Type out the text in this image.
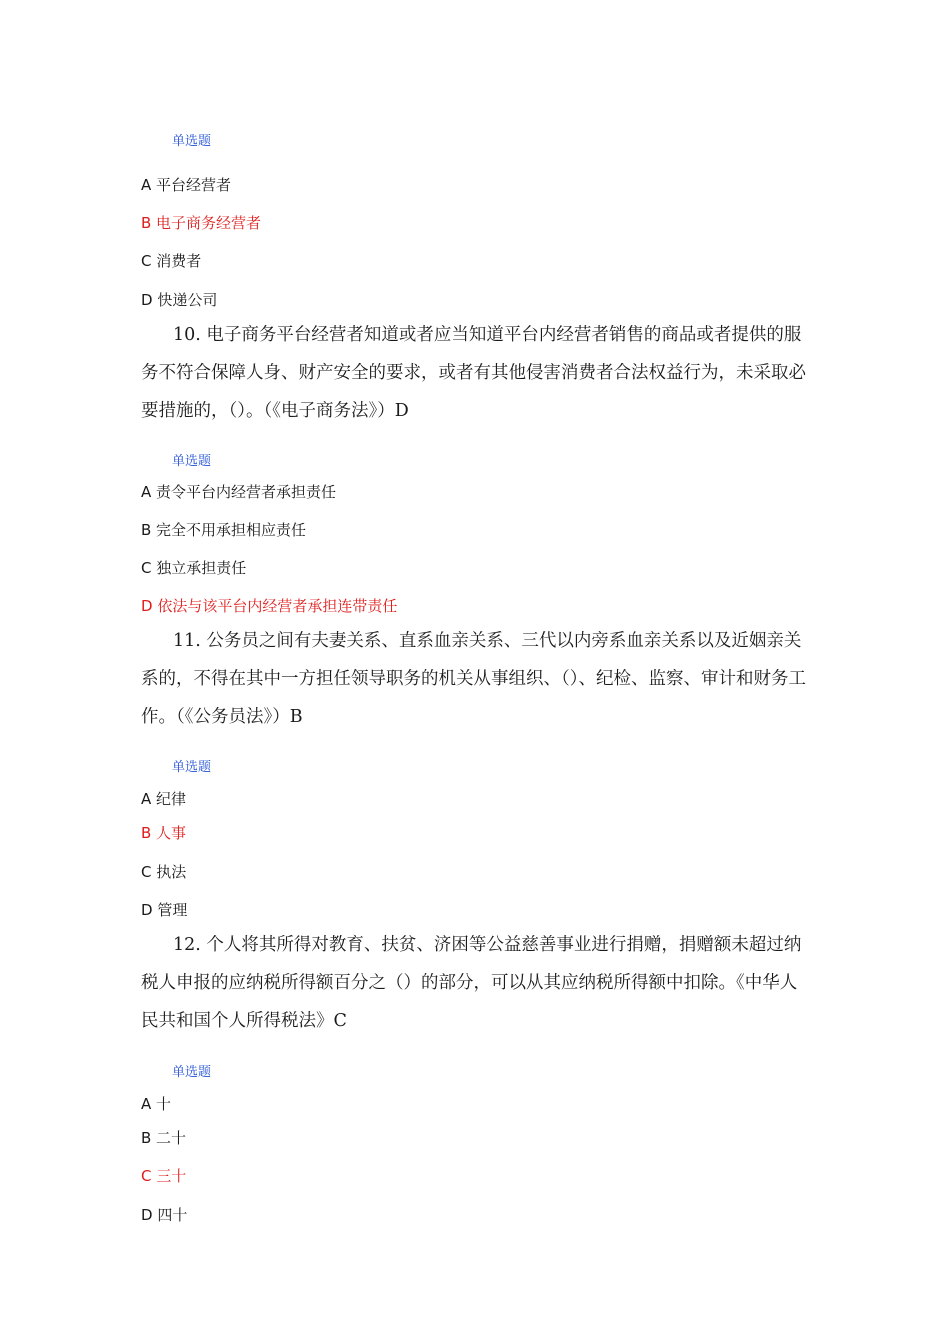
单选题
A 平台经营者
B 电子商务经营者
C 消费者
D 快递公司

10. 电子商务平台经营者知道或者应当知道平台内经营者销售的商品或者提供的服务不符合保障人身、财产安全的要求，或者有其他侵害消费者合法权益行为，未采取必要措施的，（）。（《电子商务法》）D

单选题
A 责令平台内经营者承担责任
B 完全不用承担相应责任
C 独立承担责任
D 依法与该平台内经营者承担连带责任

11. 公务员之间有夫妻关系、直系血亲关系、三代以内旁系血亲关系以及近姻亲关系的，不得在其中一方担任领导职务的机关从事组织、（）、纪检、监察、审计和财务工作。（《公务员法》）B

单选题
A 纪律
B 人事
C 执法
D 管理

12. 个人将其所得对教育、扶贫、济困等公益慈善事业进行捐赠，捐赠额未超过纳税人申报的应纳税所得额百分之（）的部分，可以从其应纳税所得额中扣除。《中华人民共和国个人所得税法》C

单选题
A 十
B 二十
C 三十
D 四十
